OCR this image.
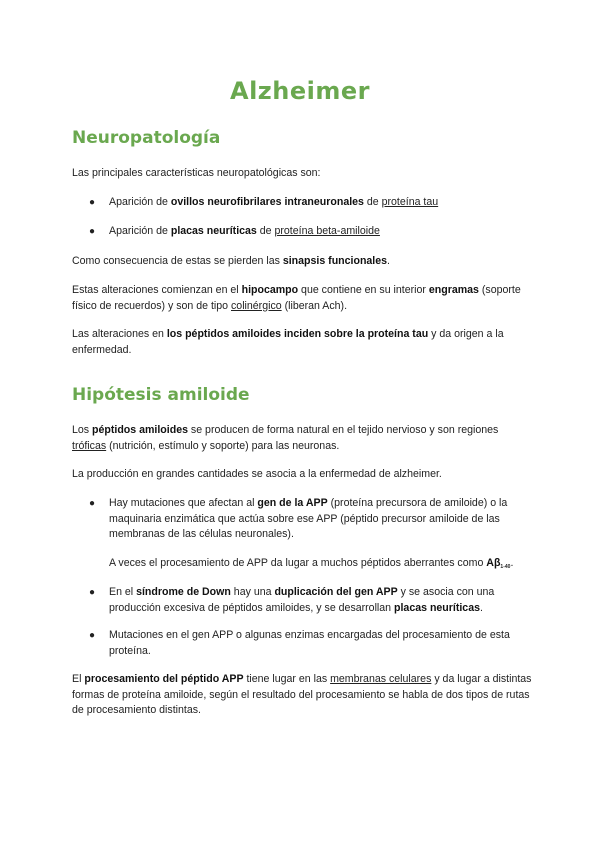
Alzheimer
Neuropatología

Las principales características neuropatológicas son:

● Aparición de ovillos neurofibrilares intraneuronales de proteína tau
● Aparición de placas neuríticas de proteína beta-amiloide

Como consecuencia de estas se pierden las sinapsis funcionales.

Estas alteraciones comienzan en el hipocampo que contiene en su interior engramas (soporte físico de recuerdos) y son de tipo colinérgico (liberan Ach).

Las alteraciones en los péptidos amiloides inciden sobre la proteína tau y da origen a la enfermedad.

Hipótesis amiloide

Los péptidos amiloides se producen de forma natural en el tejido nervioso y son regiones tróficas (nutrición, estímulo y soporte) para las neuronas.

La producción en grandes cantidades se asocia a la enfermedad de alzheimer.

● Hay mutaciones que afectan al gen de la APP (proteína precursora de amiloide) o la maquinaria enzimática que actúa sobre ese APP (péptido precursor amiloide de las membranas de las células neuronales).

A veces el procesamiento de APP da lugar a muchos péptidos aberrantes como $A\beta_{1-40}$.

● En el síndrome de Down hay una duplicación del gen APP y se asocia con una producción excesiva de péptidos amiloides, y se desarrollan placas neuríticas.
● Mutaciones en el gen APP o algunas enzimas encargadas del procesamiento de esta proteína.

El procesamiento del péptido APP tiene lugar en las membranas celulares y da lugar a distintas formas de proteína amiloide, según el resultado del procesamiento se habla de dos tipos de rutas de procesamiento distintas.
